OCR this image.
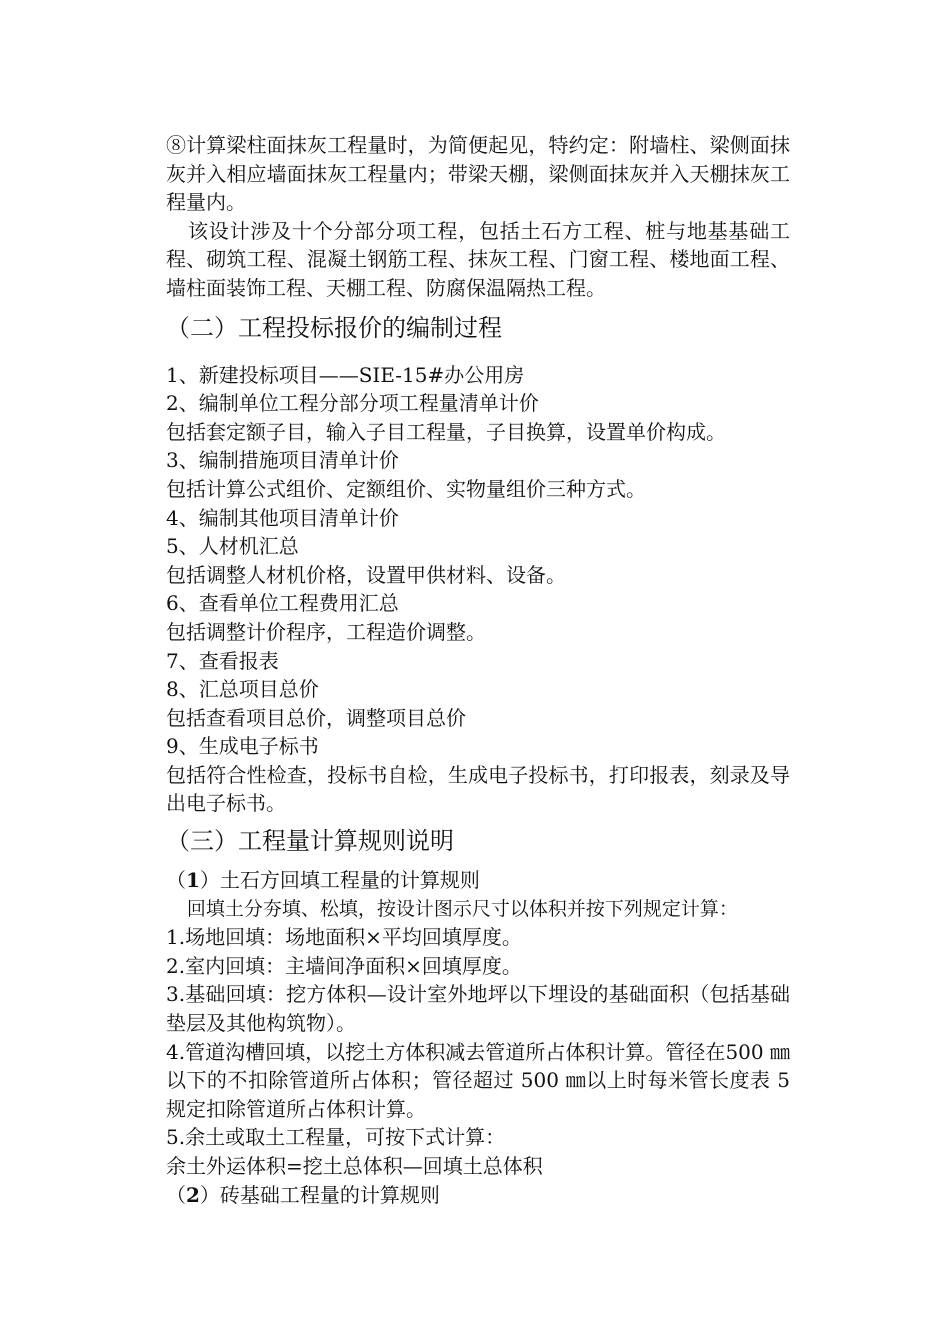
⑧计算梁柱面抹灰工程量时，为简便起见，特约定：附墙柱、梁侧面抹灰并入相应墙面抹灰工程量内；带梁天棚，梁侧面抹灰并入天棚抹灰工程量内。

该设计涉及十个分部分项工程，包括土石方工程、桩与地基基础工程、砌筑工程、混凝土钢筋工程、抹灰工程、门窗工程、楼地面工程、墙柱面装饰工程、天棚工程、防腐保温隔热工程。

（二）工程投标报价的编制过程

1、新建投标项目——SIE-15#办公用房

2、编制单位工程分部分项工程量清单计价

包括套定额子目，输入子目工程量，子目换算，设置单价构成。

3、编制措施项目清单计价

包括计算公式组价、定额组价、实物量组价三种方式。

4、编制其他项目清单计价

5、人材机汇总

包括调整人材机价格，设置甲供材料、设备。

6、查看单位工程费用汇总

包括调整计价程序，工程造价调整。

7、查看报表

8、汇总项目总价

包括查看项目总价，调整项目总价

9、生成电子标书

包括符合性检查，投标书自检，生成电子投标书，打印报表，刻录及导出电子标书。

（三）工程量计算规则说明

（1）土石方回填工程量的计算规则

回填土分夯填、松填，按设计图示尺寸以体积并按下列规定计算：

1.场地回填：场地面积×平均回填厚度。

2.室内回填：主墙间净面积×回填厚度。

3.基础回填：挖方体积—设计室外地坪以下埋设的基础面积（包括基础垫层及其他构筑物）。

4.管道沟槽回填，以挖土方体积减去管道所占体积计算。管径在500 ㎜以下的不扣除管道所占体积；管径超过 500 ㎜以上时每米管长度表 5 规定扣除管道所占体积计算。

5.余土或取土工程量，可按下式计算：

余土外运体积=挖土总体积—回填土总体积

（2）砖基础工程量的计算规则
